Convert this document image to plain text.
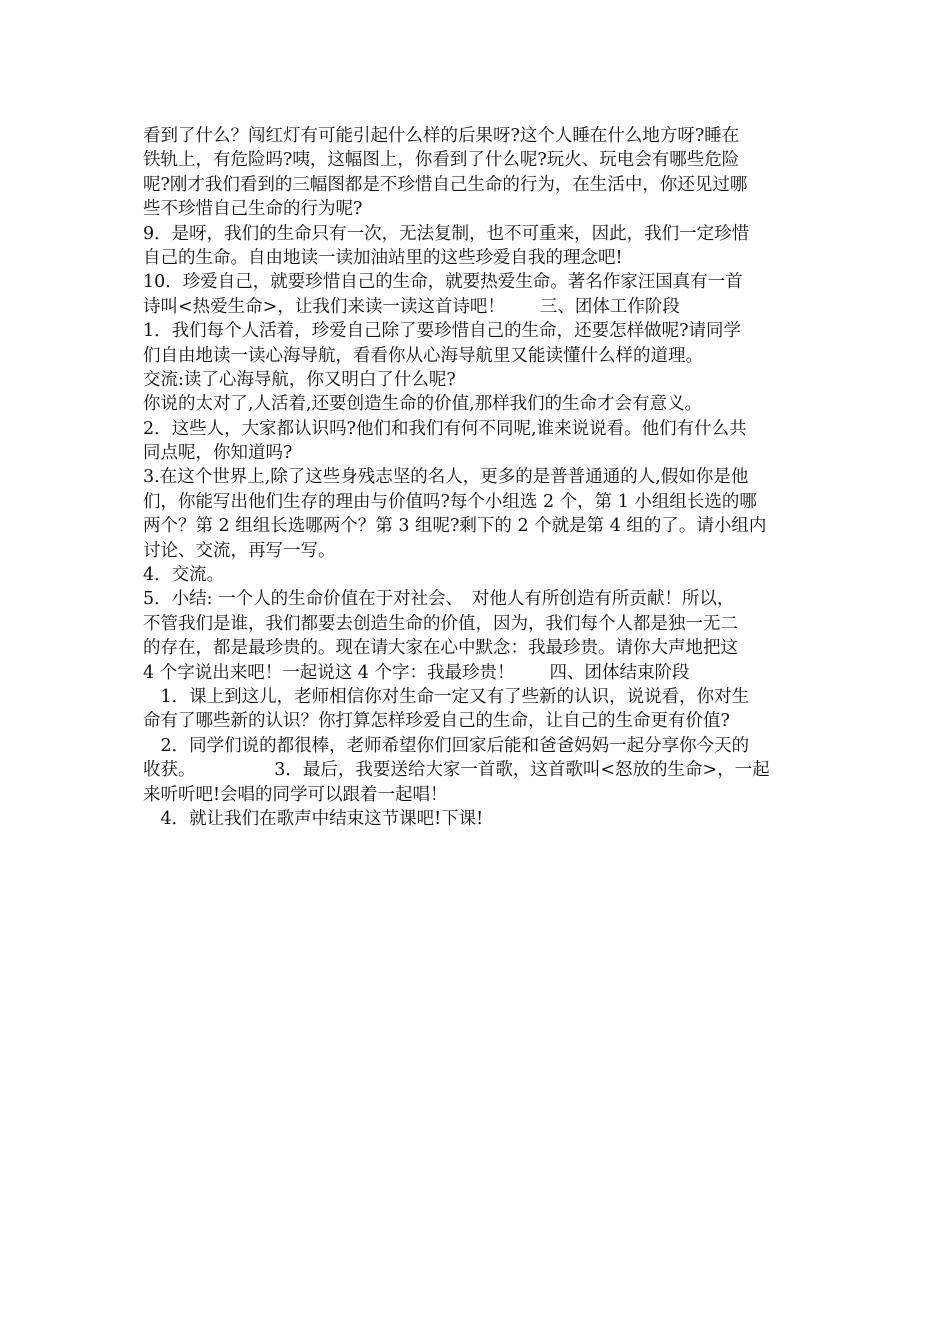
看到了什么？闯红灯有可能引起什么样的后果呀?这个人睡在什么地方呀?睡在
铁轨上，有危险吗?咦，这幅图上，你看到了什么呢?玩火、玩电会有哪些危险
呢?刚才我们看到的三幅图都是不珍惜自己生命的行为，在生活中，你还见过哪
些不珍惜自己生命的行为呢?
9．是呀，我们的生命只有一次，无法复制，也不可重来，因此，我们一定珍惜
自己的生命。自由地读一读加油站里的这些珍爱自我的理念吧!
10．珍爱自己，就要珍惜自己的生命，就要热爱生命。著名作家汪国真有一首
诗叫<热爱生命>，让我们来读一读这首诗吧！　　三、团体工作阶段
1．我们每个人活着，珍爱自己除了要珍惜自己的生命，还要怎样做呢?请同学
们自由地读一读心海导航，看看你从心海导航里又能读懂什么样的道理。
交流:读了心海导航，你又明白了什么呢?
你说的太对了,人活着,还要创造生命的价值,那样我们的生命才会有意义。
2．这些人，大家都认识吗?他们和我们有何不同呢,谁来说说看。他们有什么共
同点呢，你知道吗?
3.在这个世界上,除了这些身残志坚的名人，更多的是普普通通的人,假如你是他
们，你能写出他们生存的理由与价值吗?每个小组选 2 个，第 1 小组组长选的哪
两个？第 2 组组长选哪两个？第 3 组呢?剩下的 2 个就是第 4 组的了。请小组内
讨论、交流，再写一写。
4．交流。
5．小结: 一个人的生命价值在于对社会、　对他人有所创造有所贡献！所以，
不管我们是谁，我们都要去创造生命的价值，因为，我们每个人都是独一无二
的存在，都是最珍贵的。现在请大家在心中默念：我最珍贵。请你大声地把这
4 个字说出来吧！一起说这 4 个字：我最珍贵！　　四、团体结束阶段
　1．课上到这儿，老师相信你对生命一定又有了些新的认识，说说看，你对生
命有了哪些新的认识？你打算怎样珍爱自己的生命，让自己的生命更有价值?
　2．同学们说的都很棒，老师希望你们回家后能和爸爸妈妈一起分享你今天的
收获。　　　　　3．最后，我要送给大家一首歌，这首歌叫<怒放的生命>，一起
来听听吧!会唱的同学可以跟着一起唱！
　4．就让我们在歌声中结束这节课吧!下课!
